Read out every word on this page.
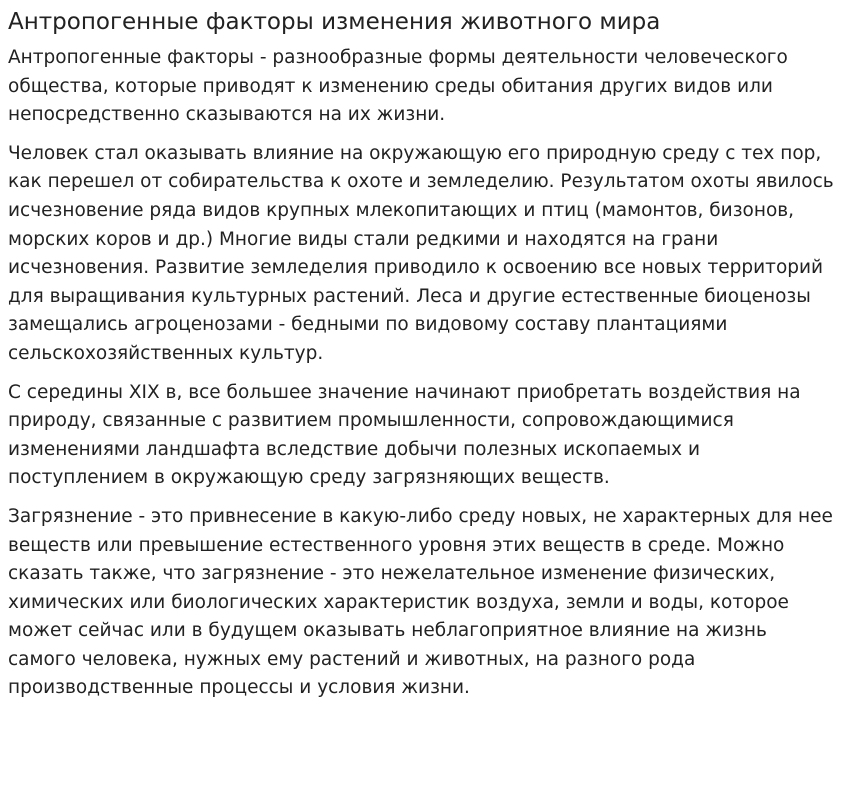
Антропогенные факторы изменения животного мира

Антропогенные факторы - разнообразные формы деятельности человеческого общества, которые приводят к изменению среды обитания других видов или непосредственно сказываются на их жизни.

Человек стал оказывать влияние на окружающую его природную среду с тех пор, как перешел от собирательства к охоте и земледелию. Результатом охоты явилось исчезновение ряда видов крупных млекопитающих и птиц (мамонтов, бизонов, морских коров и др.) Многие виды стали редкими и находятся на грани исчезновения. Развитие земледелия приводило к освоению все новых территорий для выращивания культурных растений. Леса и другие естественные биоценозы замещались агроценозами - бедными по видовому составу плантациями сельскохозяйственных культур.

С середины XIX в, все большее значение начинают приобретать воздействия на природу, связанные с развитием промышленности, сопровождающимися изменениями ландшафта вследствие добычи полезных ископаемых и поступлением в окружающую среду загрязняющих веществ.

Загрязнение - это привнесение в какую-либо среду новых, не характерных для нее веществ или превышение естественного уровня этих веществ в среде. Можно сказать также, что загрязнение - это нежелательное изменение физических, химических или биологических характеристик воздуха, земли и воды, которое может сейчас или в будущем оказывать неблагоприятное влияние на жизнь самого человека, нужных ему растений и животных, на разного рода производственные процессы и условия жизни.
